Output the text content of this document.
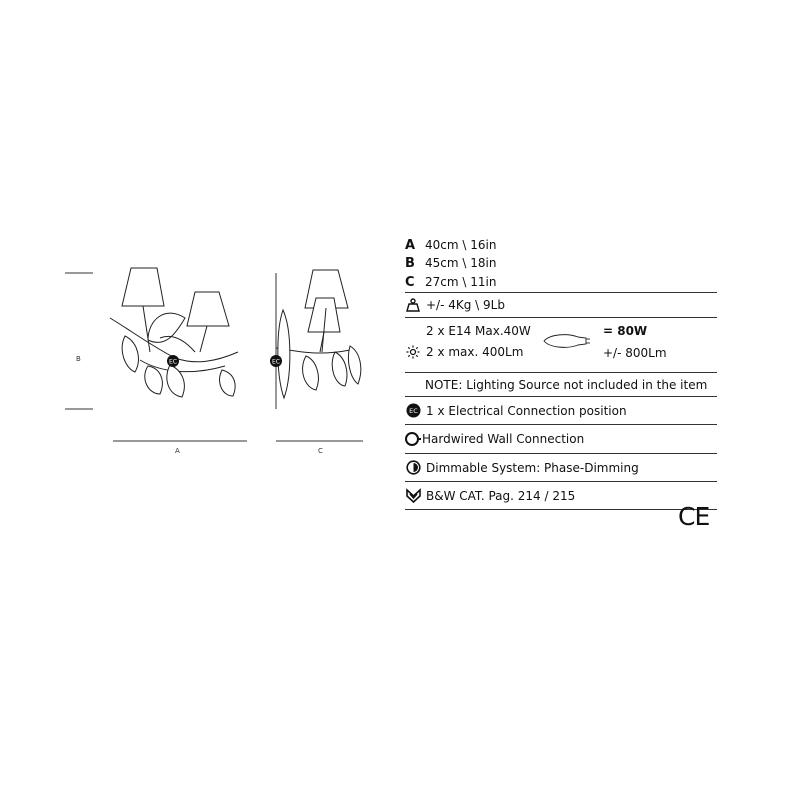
EC	EC
B
A	C
A 40cm \ 16in
B 45cm \ 18in
C 27cm \ 11in
+/- 4Kg \ 9Lb
2 x E14 Max.40W
2 x max. 400Lm
= 80W
+/- 800Lm
NOTE: Lighting Source not included in the item
EC 1 x Electrical Connection position
Hardwired Wall Connection
Dimmable System: Phase-Dimming
B&W CAT. Pag. 214 / 215
CE
